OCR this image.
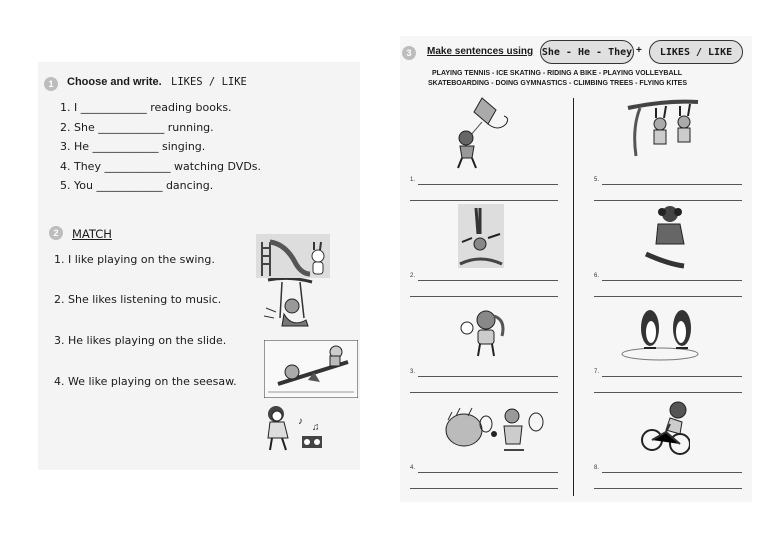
1	Choose and write. LIKES / LIKE
1. I ____________ reading books.
2. She ____________ running.
3. He ____________ singing.
4. They ____________ watching DVDs.
5. You ____________ dancing.
2	MATCH
1. I like playing on the swing.
2. She likes listening to music.
3. He likes playing on the slide.
4. We like playing on the seesaw.
♪
♫
3	Make sentences using She - He - They +	LIKES / LIKE
PLAYING TENNIS - ICE SKATING - RIDING A BIKE - PLAYING VOLLEYBALL
SKATEBOARDING - DOING GYMNASTICS - CLIMBING TREES - FLYING KITES
1.
2.
3.
4.
5.
6.
7.
8.
